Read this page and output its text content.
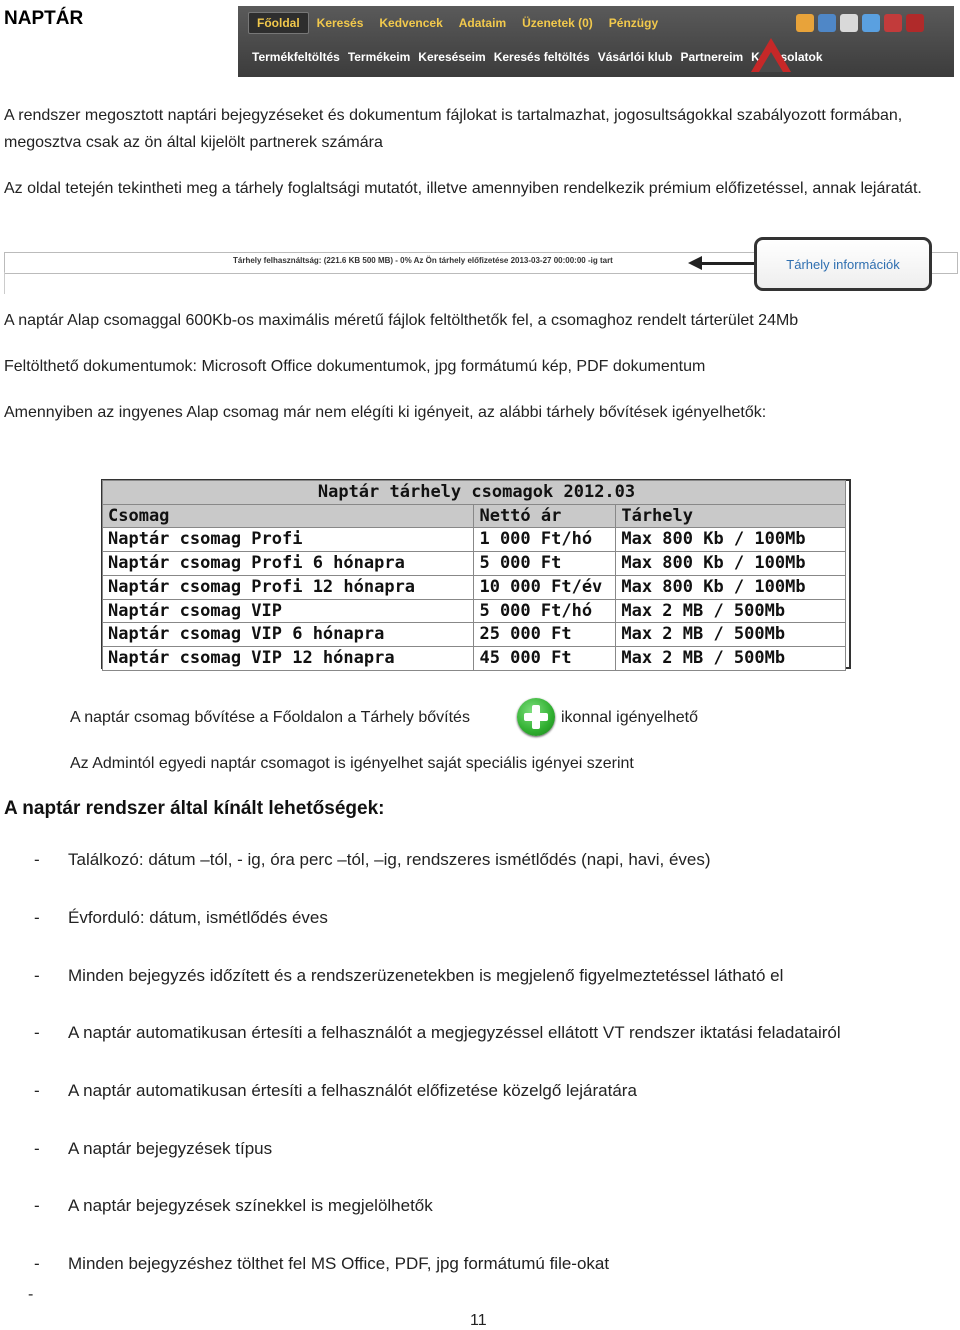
NAPTÁR	Főoldal	Keresés	Kedvencek	Adataim	Üzenetek (0)	Pénzügy
Termékfeltöltés Termékeim Kereséseim Keresés feltöltés Vásárlói klub Partnereim Kapcsolatok
A rendszer megosztott naptári bejegyzéseket és dokumentum fájlokat is tartalmazhat, jogosultságokkal szabályozott formában, megosztva csak az ön által kijelölt partnerek számára
Az oldal tetején tekintheti meg a tárhely foglaltsági mutatót, illetve amennyiben rendelkezik prémium előfizetéssel, annak lejáratát.
Tárhely felhasználtság: (221.6 KB 500 MB) - 0% Az Ön tárhely előfizetése 2013-03-27 00:00:00 -ig tart	Tárhely információk
A naptár Alap csomaggal 600Kb-os maximális méretű fájlok feltölthetők fel, a csomaghoz rendelt tárterület 24Mb
Feltölthető dokumentumok: Microsoft Office dokumentumok, jpg formátumú kép, PDF dokumentum
Amennyiben az ingyenes Alap csomag már nem elégíti ki igényeit, az alábbi tárhely bővítések igényelhetők:
Naptár tárhely csomagok 2012.03		
Csomag	Nettó ár	Tárhely
Naptár csomag Profi	1 000 Ft/hó	Max 800 Kb / 100Mb
Naptár csomag Profi 6 hónapra	5 000 Ft	Max 800 Kb / 100Mb
Naptár csomag Profi 12 hónapra	10 000 Ft/év	Max 800 Kb / 100Mb
Naptár csomag VIP	5 000 Ft/hó	Max 2 MB / 500Mb
Naptár csomag VIP 6 hónapra	25 000 Ft	Max 2 MB / 500Mb
Naptár csomag VIP 12 hónapra	45 000 Ft	Max 2 MB / 500Mb
A naptár csomag bővítése a Főoldalon a Tárhely bővítés	ikonnal igényelhető
Az Admintól egyedi naptár csomagot is igényelhet saját speciális igényei szerint
A naptár rendszer által kínált lehetőségek:
- Találkozó: dátum –tól, - ig, óra perc –tól, –ig, rendszeres ismétlődés (napi, havi, éves)
- Évforduló: dátum, ismétlődés éves
- Minden bejegyzés időzített és a rendszerüzenetekben is megjelenő figyelmeztetéssel látható el
- A naptár automatikusan értesíti a felhasználót a megjegyzéssel ellátott VT rendszer iktatási feladatairól
- A naptár automatikusan értesíti a felhasználót előfizetése közelgő lejáratára
- A naptár bejegyzések típus
- A naptár bejegyzések színekkel is megjelölhetők
- Minden bejegyzéshez tölthet fel MS Office, PDF, jpg formátumú file-okat
-
11
